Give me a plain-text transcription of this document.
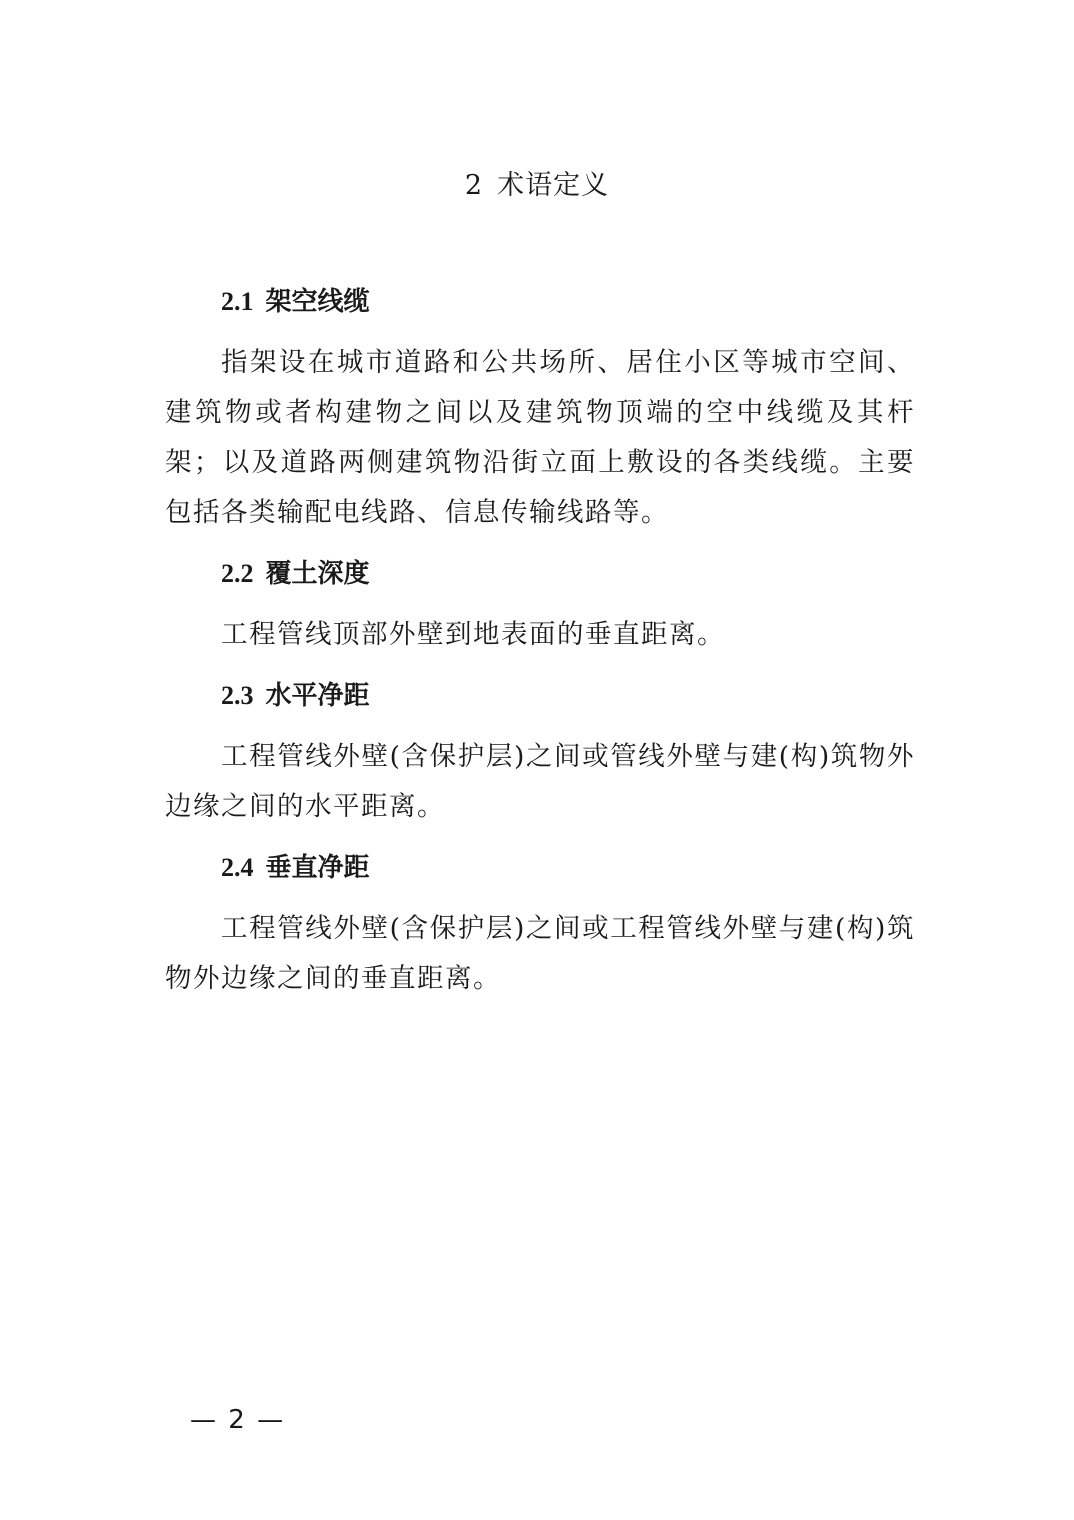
2 术语定义
2.1 架空线缆

指架设在城市道路和公共场所、居住小区等城市空间、建筑物或者构建物之间以及建筑物顶端的空中线缆及其杆架；以及道路两侧建筑物沿街立面上敷设的各类线缆。主要包括各类输配电线路、信息传输线路等。

2.2 覆土深度

工程管线顶部外壁到地表面的垂直距离。

2.3 水平净距

工程管线外壁(含保护层)之间或管线外壁与建(构)筑物外边缘之间的水平距离。

2.4 垂直净距

工程管线外壁(含保护层)之间或工程管线外壁与建(构)筑物外边缘之间的垂直距离。

— 2 —
